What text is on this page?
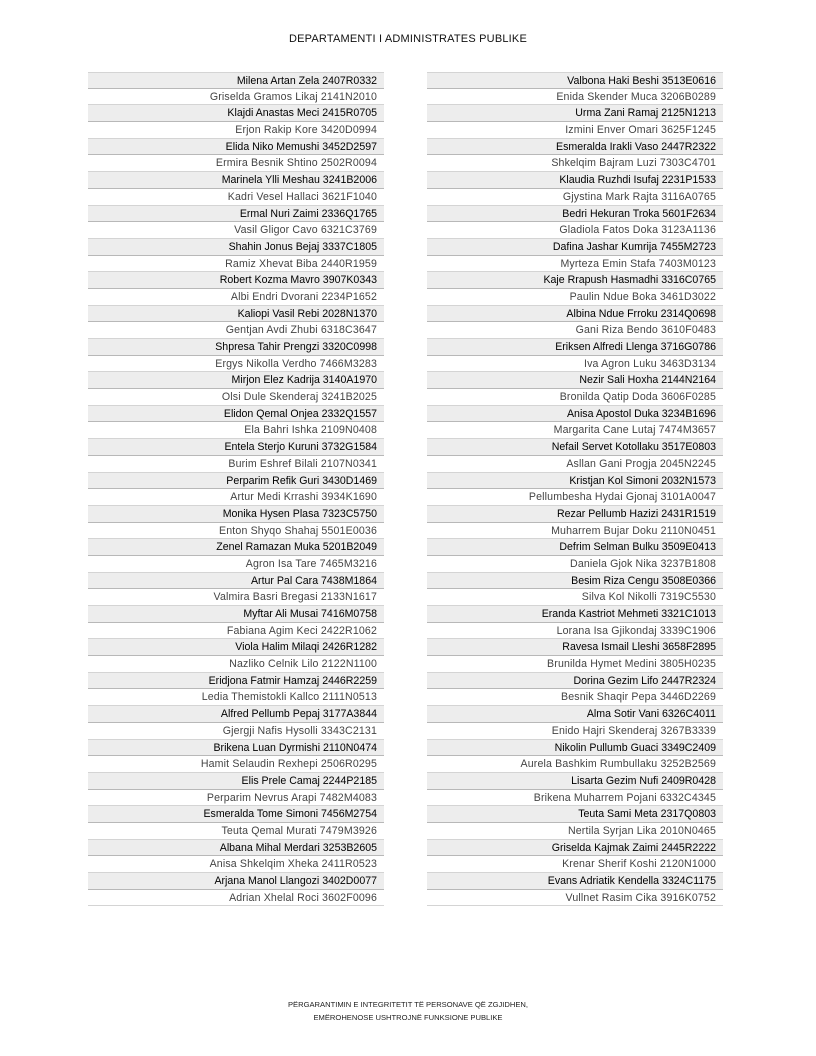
DEPARTAMENTI I ADMINISTRATES PUBLIKE
Milena Artan Zela 2407R0332
Griselda Gramos Likaj 2141N2010
Klajdi Anastas Meci 2415R0705
Erjon Rakip Kore 3420D0994
Elida Niko Memushi 3452D2597
Ermira Besnik Shtino 2502R0094
Marinela Ylli Meshau 3241B2006
Kadri Vesel Hallaci 3621F1040
Ermal Nuri Zaimi 2336Q1765
Vasil Gligor Cavo 6321C3769
Shahin Jonus Bejaj 3337C1805
Ramiz Xhevat Biba 2440R1959
Robert Kozma Mavro 3907K0343
Albi Endri Dvorani 2234P1652
Kaliopi Vasil Rebi 2028N1370
Gentjan Avdi Zhubi 6318C3647
Shpresa Tahir Prengzi 3320C0998
Ergys Nikolla Verdho 7466M3283
Mirjon Elez Kadrija 3140A1970
Olsi Dule Skenderaj 3241B2025
Elidon Qemal Onjea 2332Q1557
Ela Bahri Ishka 2109N0408
Entela Sterjo Kuruni 3732G1584
Burim Eshref Bilali 2107N0341
Perparim Refik Guri 3430D1469
Artur Medi Krrashi 3934K1690
Monika Hysen Plasa 7323C5750
Enton Shyqo Shahaj 5501E0036
Zenel Ramazan Muka 5201B2049
Agron Isa Tare 7465M3216
Artur Pal Cara 7438M1864
Valmira Basri Bregasi 2133N1617
Myftar Ali Musai 7416M0758
Fabiana Agim Keci 2422R1062
Viola Halim Milaqi 2426R1282
Nazliko Celnik Lilo 2122N1100
Eridjona Fatmir Hamzaj 2446R2259
Ledia Themistokli Kallco 2111N0513
Alfred Pellumb Pepaj 3177A3844
Gjergji Nafis Hysolli 3343C2131
Brikena Luan Dyrmishi 2110N0474
Hamit Selaudin Rexhepi 2506R0295
Elis Prele Camaj 2244P2185
Perparim Nevrus Arapi 7482M4083
Esmeralda Tome Simoni 7456M2754
Teuta Qemal Murati 7479M3926
Albana Mihal Merdari 3253B2605
Anisa Shkelqim Xheka 2411R0523
Arjana Manol Llangozi 3402D0077
Adrian Xhelal Roci 3602F0096
Valbona Haki Beshi 3513E0616
Enida Skender Muca 3206B0289
Urma Zani Ramaj 2125N1213
Izmini Enver Omari 3625F1245
Esmeralda Irakli Vaso 2447R2322
Shkelqim Bajram Luzi 7303C4701
Klaudia Ruzhdi Isufaj 2231P1533
Gjystina Mark Rajta 3116A0765
Bedri Hekuran Troka 5601F2634
Gladiola Fatos Doka 3123A1136
Dafina Jashar Kumrija 7455M2723
Myrteza Emin Stafa 7403M0123
Kaje Rrapush Hasmadhi 3316C0765
Paulin Ndue Boka 3461D3022
Albina Ndue Frroku 2314Q0698
Gani Riza Bendo 3610F0483
Eriksen Alfredi Llenga 3716G0786
Iva Agron Luku 3463D3134
Nezir Sali Hoxha 2144N2164
Bronilda Qatip Doda 3606F0285
Anisa Apostol Duka 3234B1696
Margarita Cane Lutaj 7474M3657
Nefail Servet Kotollaku 3517E0803
Asllan Gani Progja 2045N2245
Kristjan Kol Simoni 2032N1573
Pellumbesha Hydai Gjonaj 3101A0047
Rezar Pellumb Hazizi 2431R1519
Muharrem Bujar Doku 2110N0451
Defrim Selman Bulku 3509E0413
Daniela Gjok Nika 3237B1808
Besim Riza Cengu 3508E0366
Silva Kol Nikolli 7319C5530
Eranda Kastriot Mehmeti 3321C1013
Lorana Isa Gjikondaj 3339C1906
Ravesa Ismail Lleshi 3658F2895
Brunilda Hymet Medini 3805H0235
Dorina Gezim Lifo 2447R2324
Besnik Shaqir Pepa 3446D2269
Alma Sotir Vani 6326C4011
Enido Hajri Skenderaj 3267B3339
Nikolin Pullumb Guaci 3349C2409
Aurela Bashkim Rumbullaku 3252B2569
Lisarta Gezim Nufi 2409R0428
Brikena Muharrem Pojani 6332C4345
Teuta Sami Meta 2317Q0803
Nertila Syrjan Lika 2010N0465
Griselda Kajmak Zaimi 2445R2222
Krenar Sherif Koshi 2120N1000
Evans Adriatik Kendella 3324C1175
Vullnet Rasim Cika 3916K0752
PËRGARANTIMIN E INTEGRITETIT TË PERSONAVE QË ZGJIDHEN,
EMËROHENOSE USHTROJNË FUNKSIONE PUBLIKE
